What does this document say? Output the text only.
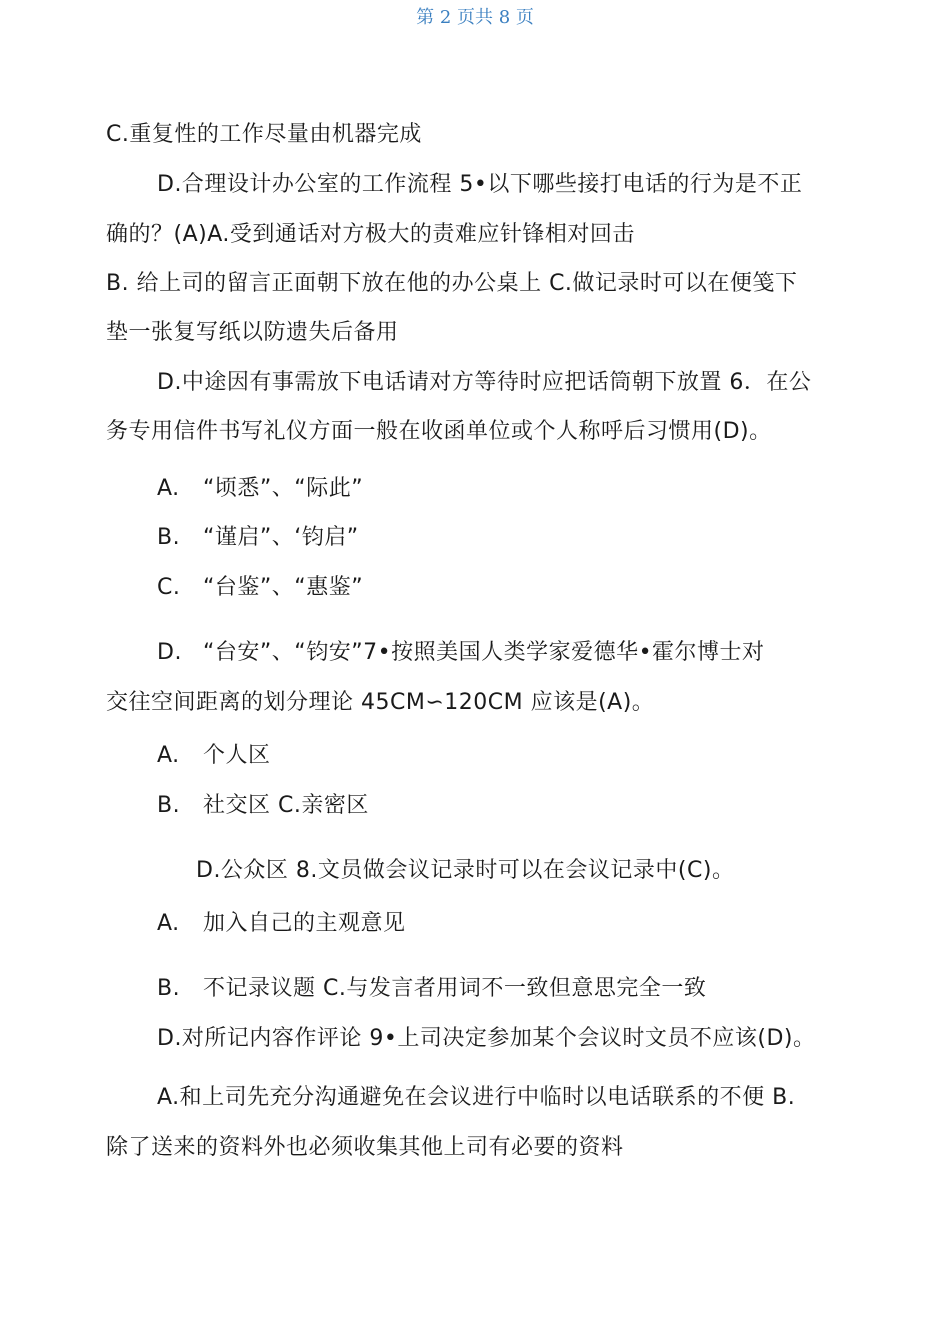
第 2 页共 8 页
C.重复性的工作尽量由机器完成
D.合理设计办公室的工作流程 5•以下哪些接打电话的行为是不正
确的？(A)A.受到通话对方极大的责难应针锋相对回击
B. 给上司的留言正面朝下放在他的办公桌上 C.做记录时可以在便笺下
垫一张复写纸以防遗失后备用
D.中途因有事需放下电话请对方等待时应把话筒朝下放置 6．在公
务专用信件书写礼仪方面一般在收函单位或个人称呼后习惯用(D)。
A. “顷悉”、“际此”
B. “谨启”、‘钧启”
C. “台鉴”、“惠鉴”
D. “台安”、“钧安”7•按照美国人类学家爱德华•霍尔博士对
交往空间距离的划分理论 45CM∽120CM 应该是(A)。
A. 个人区
B. 社交区 C.亲密区
D.公众区 8.文员做会议记录时可以在会议记录中(C)。
A. 加入自己的主观意见
B. 不记录议题 C.与发言者用词不一致但意思完全一致
D.对所记内容作评论 9•上司决定参加某个会议时文员不应该(D)。
A.和上司先充分沟通避免在会议进行中临时以电话联系的不便 B.
除了送来的资料外也必须收集其他上司有必要的资料
